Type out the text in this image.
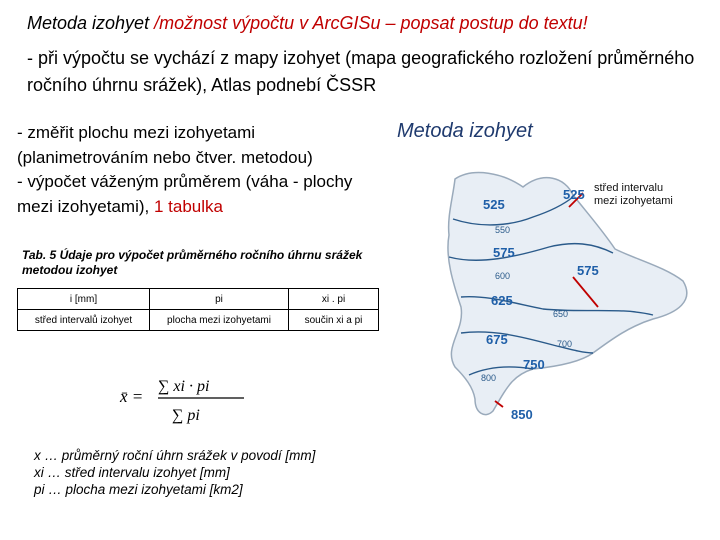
Metoda izohyet /možnost výpočtu v ArcGISu – popsat postup do textu!
- při výpočtu se vychází z mapy izohyet (mapa geografického rozložení průměrného ročního úhrnu srážek), Atlas podnebí ČSSR
- změřit plochu mezi izohyetami (planimetrováním nebo čtver. metodou)
- výpočet váženým průměrem (váha - plochy mezi izohyetami), 1 tabulka
Tab. 5 Údaje pro výpočet průměrného ročního úhrnu srážek metodou izohyet
i [mm]	pi	xi . pi
střed intervalů izohyet	plocha mezi izohyetami	součin xi a pi
x̄ =
∑ xi · pi
∑ pi
x … průměrný roční úhrn srážek v povodí [mm]
xi … střed intervalu izohyet [mm]
pi … plocha mezi izohyetami [km2]
Metoda izohyet
střed intervalu
mezi izohyetami
525
525
575
575
625
675
750
850
550
600
650
700
800
